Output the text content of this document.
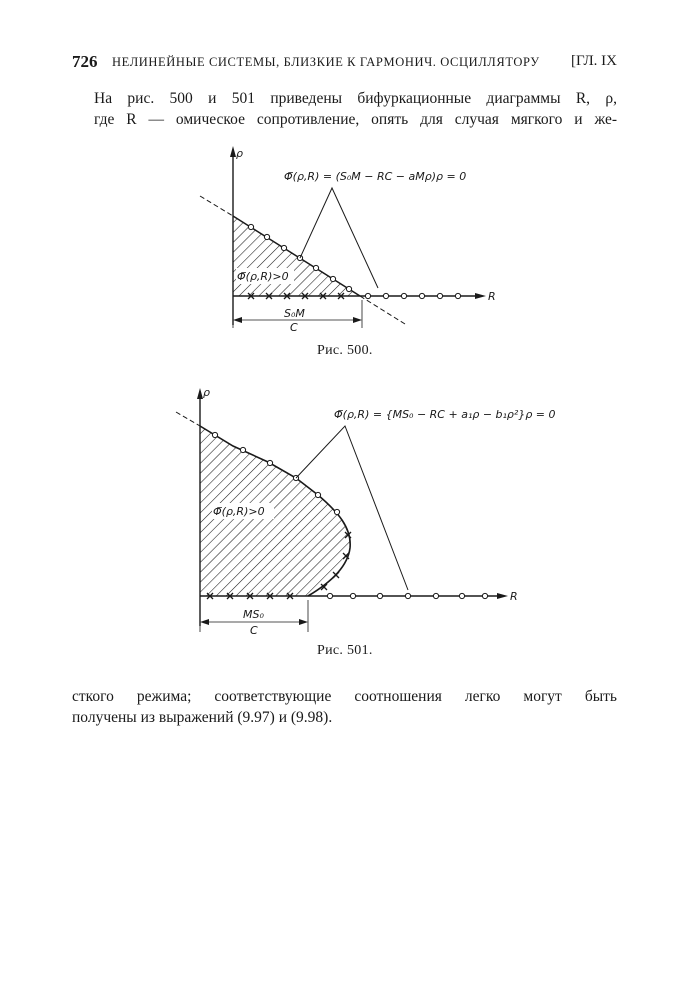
726 НЕЛИНЕЙНЫЕ СИСТЕМЫ, БЛИЗКИЕ К ГАРМОНИЧ. ОСЦИЛЛЯТОРУ [ГЛ. IX
На рис. 500 и 501 приведены бифуркационные диаграммы R, ρ,
где R — омическое сопротивление, опять для случая мягкого и же-
ρ
R
Φ̄(ρ,R) = (S₀M − RC − aMρ)ρ = 0
Φ̄(ρ,R)>0
S₀M
C
Рис. 500.
ρ
R
Φ̄(ρ,R) = {MS₀ − RC + a₁ρ − b₁ρ²}ρ = 0
Φ̄(ρ,R)>0
MS₀
C
Рис. 501.
сткого режима; соответствующие соотношения легко могут быть
получены из выражений (9.97) и (9.98).
